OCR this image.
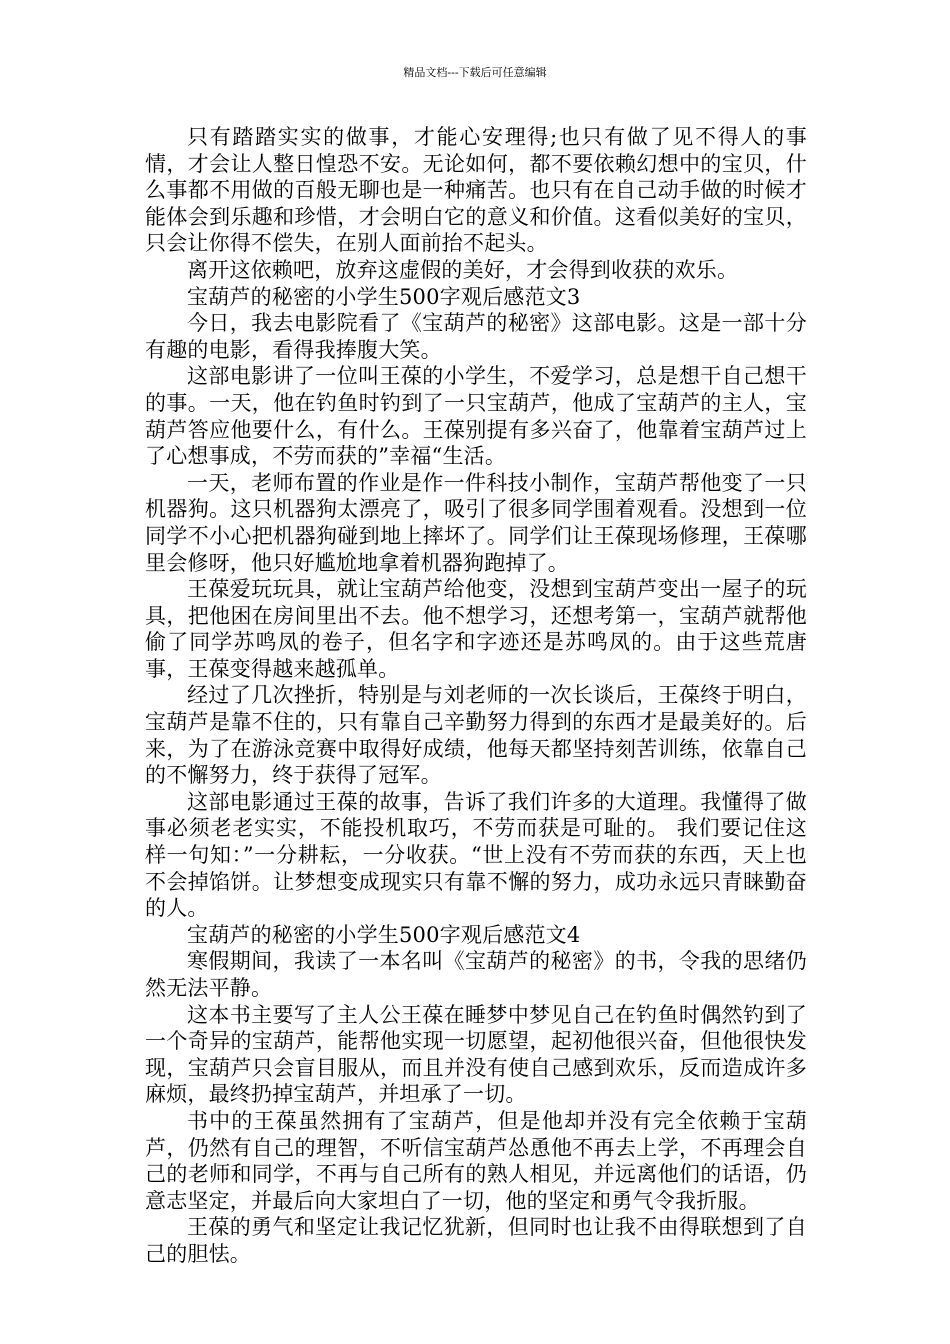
精品文档---下载后可任意编辑

只有踏踏实实的做事，才能心安理得;也只有做了见不得人的事情，才会让人整日惶恐不安。无论如何，都不要依赖幻想中的宝贝，什么事都不用做的百般无聊也是一种痛苦。也只有在自己动手做的时候才能体会到乐趣和珍惜，才会明白它的意义和价值。这看似美好的宝贝，只会让你得不偿失，在别人面前抬不起头。

离开这依赖吧，放弃这虚假的美好，才会得到收获的欢乐。

宝葫芦的秘密的小学生500字观后感范文3

今日，我去电影院看了《宝葫芦的秘密》这部电影。这是一部十分有趣的电影，看得我捧腹大笑。

这部电影讲了一位叫王葆的小学生，不爱学习，总是想干自己想干的事。一天，他在钓鱼时钓到了一只宝葫芦，他成了宝葫芦的主人，宝葫芦答应他要什么，有什么。王葆别提有多兴奋了，他靠着宝葫芦过上了心想事成，不劳而获的”幸福“生活。

一天，老师布置的作业是作一件科技小制作，宝葫芦帮他变了一只机器狗。这只机器狗太漂亮了，吸引了很多同学围着观看。没想到一位同学不小心把机器狗碰到地上摔坏了。同学们让王葆现场修理，王葆哪里会修呀，他只好尴尬地拿着机器狗跑掉了。

王葆爱玩玩具，就让宝葫芦给他变，没想到宝葫芦变出一屋子的玩具，把他困在房间里出不去。他不想学习，还想考第一，宝葫芦就帮他偷了同学苏鸣凤的卷子，但名字和字迹还是苏鸣凤的。由于这些荒唐事，王葆变得越来越孤单。

经过了几次挫折，特别是与刘老师的一次长谈后，王葆终于明白，宝葫芦是靠不住的，只有靠自己辛勤努力得到的东西才是最美好的。后来，为了在游泳竞赛中取得好成绩，他每天都坚持刻苦训练，依靠自己的不懈努力，终于获得了冠军。

这部电影通过王葆的故事，告诉了我们许多的大道理。我懂得了做事必须老老实实，不能投机取巧，不劳而获是可耻的。 我们要记住这样一句知：”一分耕耘，一分收获。“世上没有不劳而获的东西，天上也不会掉馅饼。让梦想变成现实只有靠不懈的努力，成功永远只青睐勤奋的人。

宝葫芦的秘密的小学生500字观后感范文4

寒假期间，我读了一本名叫《宝葫芦的秘密》的书，令我的思绪仍然无法平静。

这本书主要写了主人公王葆在睡梦中梦见自己在钓鱼时偶然钓到了一个奇异的宝葫芦，能帮他实现一切愿望，起初他很兴奋，但他很快发现，宝葫芦只会盲目服从，而且并没有使自己感到欢乐，反而造成许多麻烦，最终扔掉宝葫芦，并坦承了一切。

书中的王葆虽然拥有了宝葫芦，但是他却并没有完全依赖于宝葫芦，仍然有自己的理智，不听信宝葫芦怂恿他不再去上学，不再理会自己的老师和同学，不再与自己所有的熟人相见，并远离他们的话语，仍意志坚定，并最后向大家坦白了一切，他的坚定和勇气令我折服。

王葆的勇气和坚定让我记忆犹新，但同时也让我不由得联想到了自己的胆怯。
